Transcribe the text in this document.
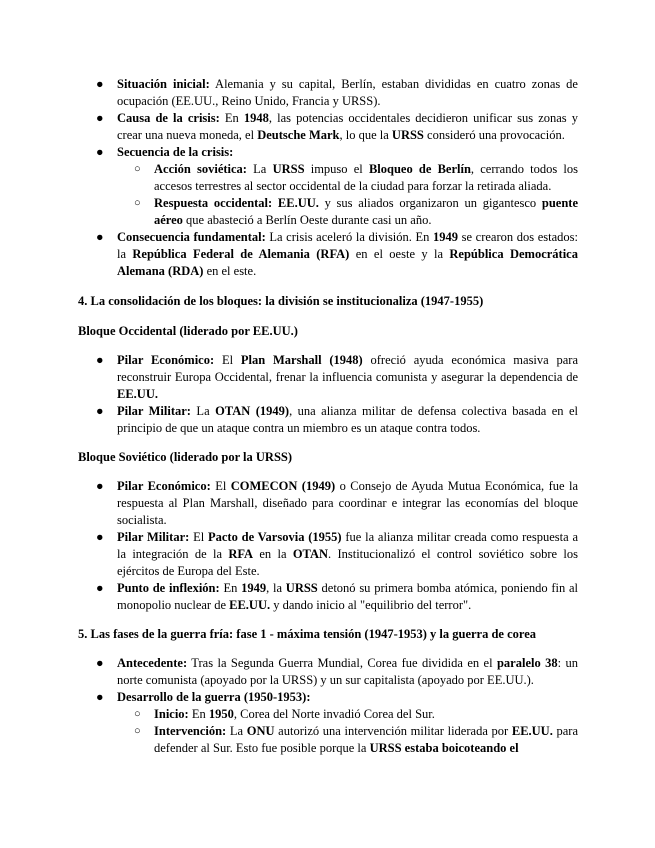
● Situación inicial: Alemania y su capital, Berlín, estaban divididas en cuatro zonas de ocupación (EE.UU., Reino Unido, Francia y URSS).
● Causa de la crisis: En 1948, las potencias occidentales decidieron unificar sus zonas y crear una nueva moneda, el Deutsche Mark, lo que la URSS consideró una provocación.
● Secuencia de la crisis:
○ Acción soviética: La URSS impuso el Bloqueo de Berlín, cerrando todos los accesos terrestres al sector occidental de la ciudad para forzar la retirada aliada.
○ Respuesta occidental: EE.UU. y sus aliados organizaron un gigantesco puente aéreo que abasteció a Berlín Oeste durante casi un año.
● Consecuencia fundamental: La crisis aceleró la división. En 1949 se crearon dos estados: la República Federal de Alemania (RFA) en el oeste y la República Democrática Alemana (RDA) en el este.

4. La consolidación de los bloques: la división se institucionaliza (1947-1955)

Bloque Occidental (liderado por EE.UU.)

● Pilar Económico: El Plan Marshall (1948) ofreció ayuda económica masiva para reconstruir Europa Occidental, frenar la influencia comunista y asegurar la dependencia de EE.UU.
● Pilar Militar: La OTAN (1949), una alianza militar de defensa colectiva basada en el principio de que un ataque contra un miembro es un ataque contra todos.

Bloque Soviético (liderado por la URSS)

● Pilar Económico: El COMECON (1949) o Consejo de Ayuda Mutua Económica, fue la respuesta al Plan Marshall, diseñado para coordinar e integrar las economías del bloque socialista.
● Pilar Militar: El Pacto de Varsovia (1955) fue la alianza militar creada como respuesta a la integración de la RFA en la OTAN. Institucionalizó el control soviético sobre los ejércitos de Europa del Este.
● Punto de inflexión: En 1949, la URSS detonó su primera bomba atómica, poniendo fin al monopolio nuclear de EE.UU. y dando inicio al "equilibrio del terror".

5. Las fases de la guerra fría: fase 1 - máxima tensión (1947-1953) y la guerra de corea

● Antecedente: Tras la Segunda Guerra Mundial, Corea fue dividida en el paralelo 38: un norte comunista (apoyado por la URSS) y un sur capitalista (apoyado por EE.UU.).
● Desarrollo de la guerra (1950-1953):
○ Inicio: En 1950, Corea del Norte invadió Corea del Sur.
○ Intervención: La ONU autorizó una intervención militar liderada por EE.UU. para defender al Sur. Esto fue posible porque la URSS estaba boicoteando el
